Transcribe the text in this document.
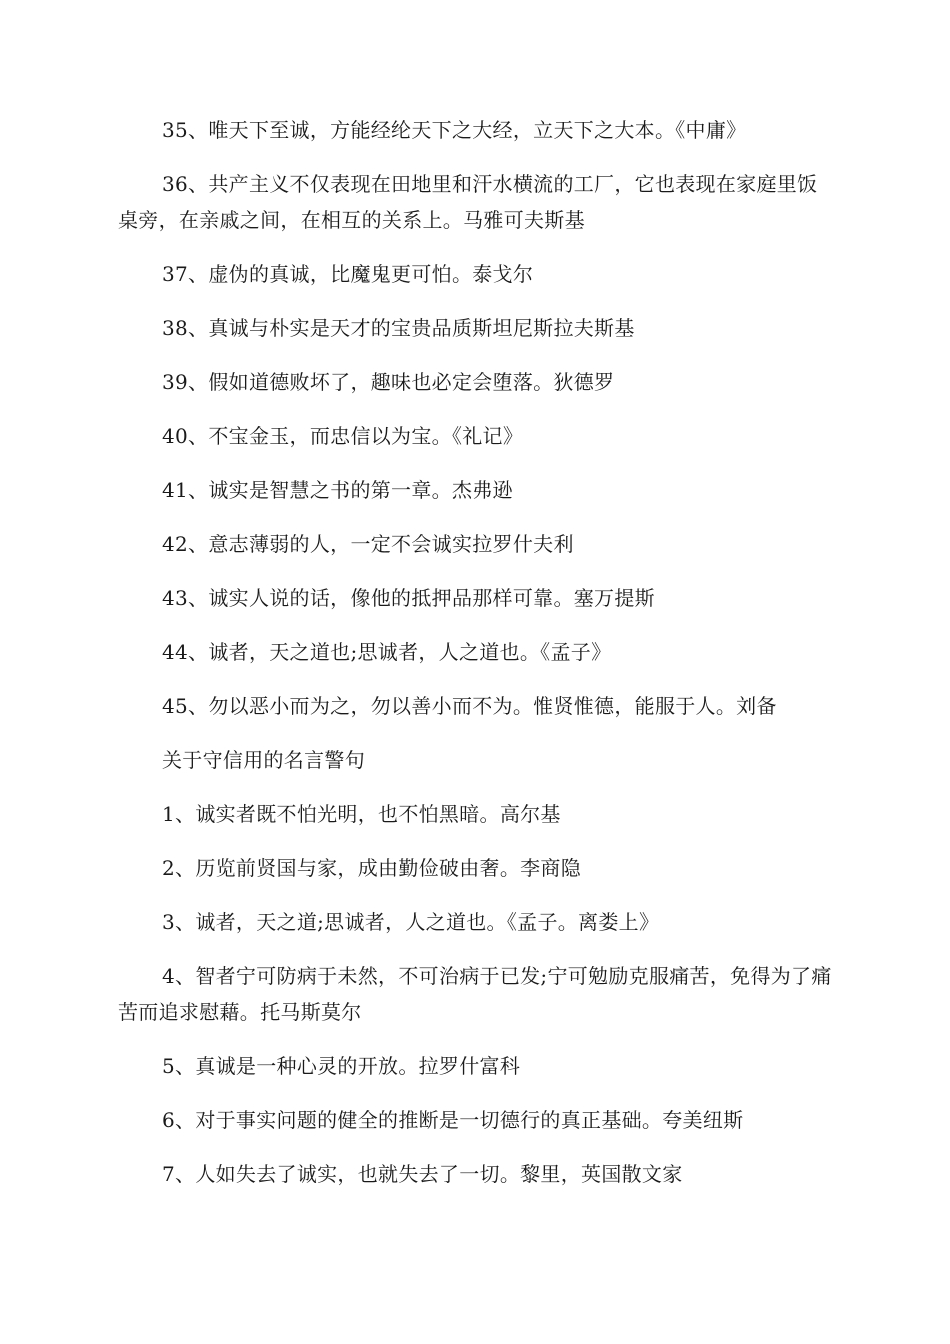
35、唯天下至诚，方能经纶天下之大经，立天下之大本。《中庸》

36、共产主义不仅表现在田地里和汗水横流的工厂，它也表现在家庭里饭桌旁，在亲戚之间，在相互的关系上。马雅可夫斯基

37、虚伪的真诚，比魔鬼更可怕。泰戈尔

38、真诚与朴实是天才的宝贵品质斯坦尼斯拉夫斯基

39、假如道德败坏了，趣味也必定会堕落。狄德罗

40、不宝金玉，而忠信以为宝。《礼记》

41、诚实是智慧之书的第一章。杰弗逊

42、意志薄弱的人，一定不会诚实拉罗什夫利

43、诚实人说的话，像他的抵押品那样可靠。塞万提斯

44、诚者，天之道也;思诚者，人之道也。《孟子》

45、勿以恶小而为之，勿以善小而不为。惟贤惟德，能服于人。刘备

关于守信用的名言警句

1、诚实者既不怕光明，也不怕黑暗。高尔基

2、历览前贤国与家，成由勤俭破由奢。李商隐

3、诚者，天之道;思诚者，人之道也。《孟子。离娄上》

4、智者宁可防病于未然，不可治病于已发;宁可勉励克服痛苦，免得为了痛苦而追求慰藉。托马斯莫尔

5、真诚是一种心灵的开放。拉罗什富科

6、对于事实问题的健全的推断是一切德行的真正基础。夸美纽斯

7、人如失去了诚实，也就失去了一切。黎里，英国散文家
